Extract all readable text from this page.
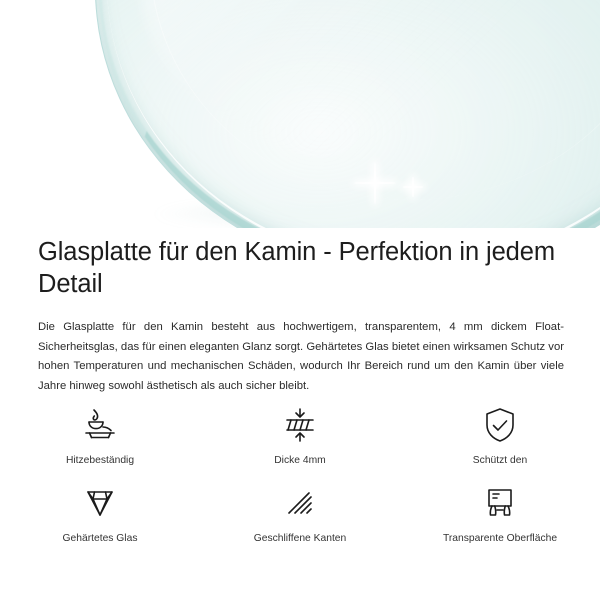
Glasplatte für den Kamin - Perfektion in jedem Detail

Die Glasplatte für den Kamin besteht aus hochwertigem, transparentem, 4 mm dickem Float-Sicherheitsglas, das für einen eleganten Glanz sorgt. Gehärtetes Glas bietet einen wirksamen Schutz vor hohen Temperaturen und mechanischen Schäden, wodurch Ihr Bereich rund um den Kamin über viele Jahre hinweg sowohl ästhetisch als auch sicher bleibt.

Hitzebeständig	Dicke 4mm	Schützt den
Gehärtetes Glas	Geschliffene Kanten	Transparente Oberfläche
